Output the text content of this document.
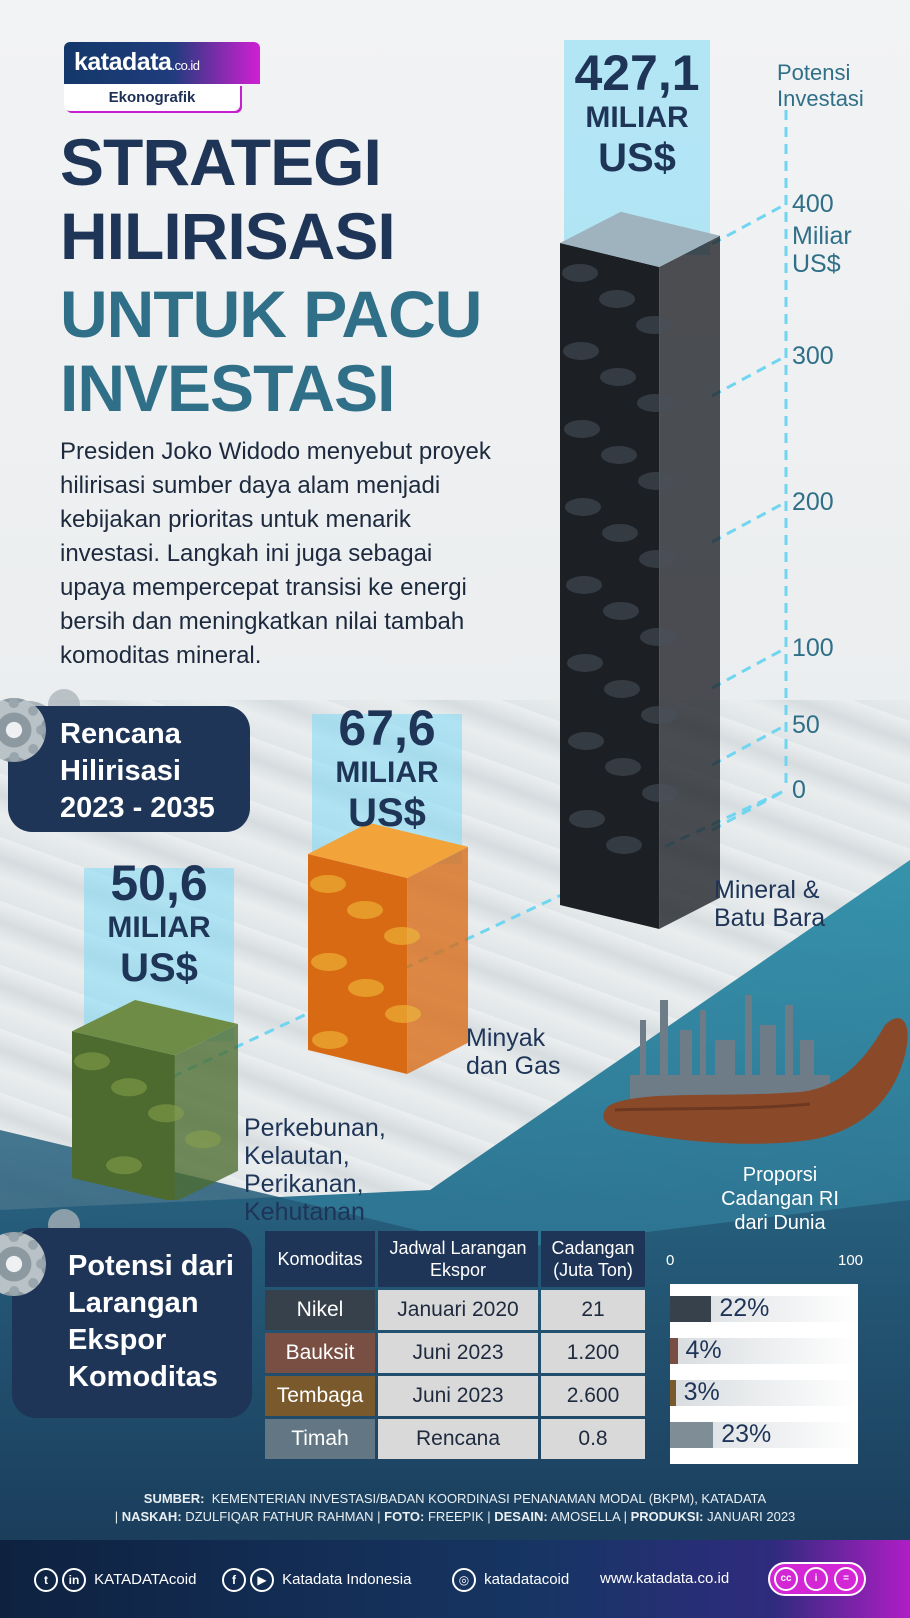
katadata.co.id
Ekonografik
STRATEGI
HILIRISASI
UNTUK PACU
INVESTASI
Presiden Joko Widodo menyebut proyek hilirisasi sumber daya alam menjadi kebijakan prioritas untuk menarik investasi. Langkah ini juga sebagai upaya mempercepat transisi ke energi bersih dan meningkatkan nilai tambah komoditas mineral.
Potensi
Investasi
0
50
100
200
300
400
Miliar
US$
427,1
MILIAR
US$
67,6
MILIAR
US$
50,6
MILIAR
US$
Mineral &
Batu Bara
Minyak
dan Gas
Perkebunan,
Kelautan,
Perikanan,
Kehutanan
Rencana
Hilirisasi
2023 - 2035
Potensi dari
Larangan
Ekspor
Komoditas
Komoditas	Jadwal Larangan Ekspor	Cadangan (Juta Ton)
Nikel	Januari 2020	21
Bauksit	Juni 2023	1.200
Tembaga	Juni 2023	2.600
Timah	Rencana	0.8
Proporsi
Cadangan RI
dari Dunia
0	100
22%
4%
3%
23%
SUMBER: KEMENTERIAN INVESTASI/BADAN KOORDINASI PENANAMAN MODAL (BKPM), KATADATA
| NASKAH: DZULFIQAR FATHUR RAHMAN | FOTO: FREEPIK | DESAIN: AMOSELLA | PRODUKSI: JANUARI 2023
t in KATADATAcoid	f ▶ Katadata Indonesia	◎ katadatacoid www.katadata.co.id	cc i	=
